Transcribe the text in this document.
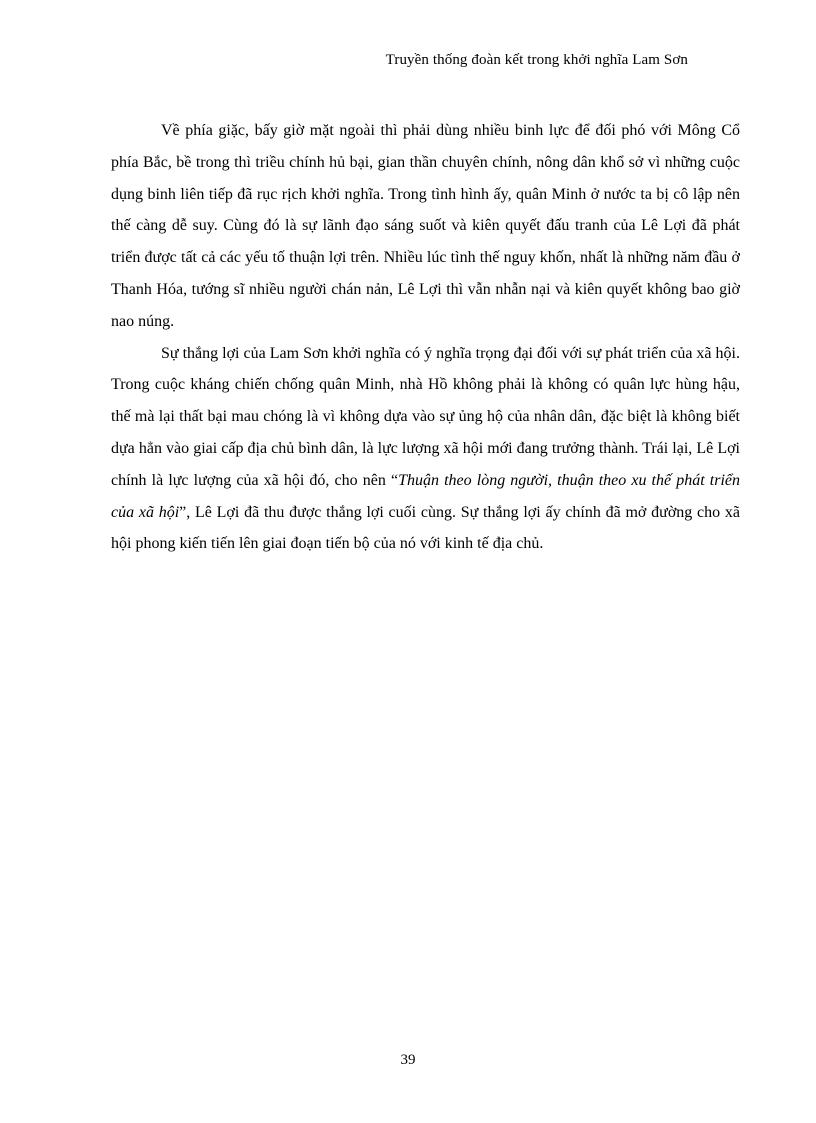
Truyền thống đoàn kết trong khởi nghĩa Lam Sơn

Về phía giặc, bấy giờ mặt ngoài thì phải dùng nhiều binh lực để đối phó với Mông Cổ phía Bắc, bề trong thì triều chính hủ bại, gian thần chuyên chính, nông dân khổ sở vì những cuộc dụng binh liên tiếp đã rục rịch khởi nghĩa. Trong tình hình ấy, quân Minh ở nước ta bị cô lập nên thế càng dễ suy. Cùng đó là sự lãnh đạo sáng suốt và kiên quyết đấu tranh của Lê Lợi đã phát triển được tất cả các yếu tố thuận lợi trên. Nhiều lúc tình thế nguy khốn, nhất là những năm đầu ở Thanh Hóa, tướng sĩ nhiều người chán nản, Lê Lợi thì vẫn nhẫn nại và kiên quyết không bao giờ nao núng.

Sự thắng lợi của Lam Sơn khởi nghĩa có ý nghĩa trọng đại đối với sự phát triển của xã hội. Trong cuộc kháng chiến chống quân Minh, nhà Hồ không phải là không có quân lực hùng hậu, thế mà lại thất bại mau chóng là vì không dựa vào sự ủng hộ của nhân dân, đặc biệt là không biết dựa hẳn vào giai cấp địa chủ bình dân, là lực lượng xã hội mới đang trưởng thành. Trái lại, Lê Lợi chính là lực lượng của xã hội đó, cho nên “Thuận theo lòng người, thuận theo xu thế phát triển của xã hội”, Lê Lợi đã thu được thắng lợi cuối cùng. Sự thắng lợi ấy chính đã mở đường cho xã hội phong kiến tiến lên giai đoạn tiến bộ của nó với kinh tế địa chủ.

39
